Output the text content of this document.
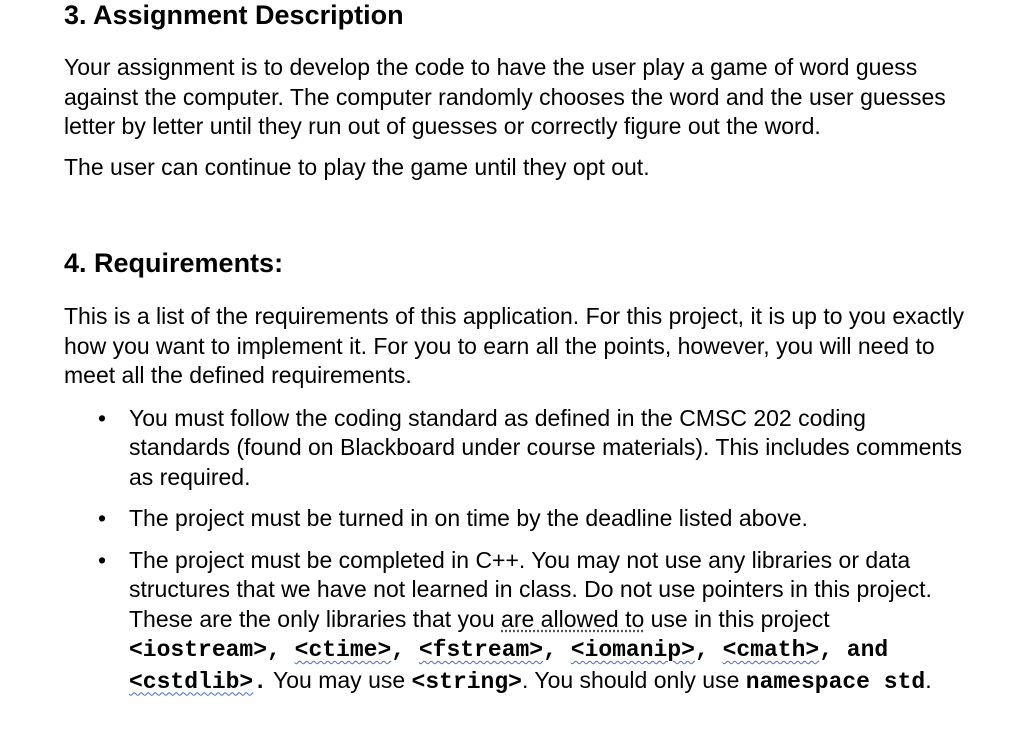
3. Assignment Description

Your assignment is to develop the code to have the user play a game of word guess against the computer. The computer randomly chooses the word and the user guesses letter by letter until they run out of guesses or correctly figure out the word.

The user can continue to play the game until they opt out.

4. Requirements:

This is a list of the requirements of this application. For this project, it is up to you exactly how you want to implement it. For you to earn all the points, however, you will need to meet all the defined requirements.

• You must follow the coding standard as defined in the CMSC 202 coding standards (found on Blackboard under course materials). This includes comments as required.
• The project must be turned in on time by the deadline listed above.
• The project must be completed in C++. You may not use any libraries or data structures that we have not learned in class. Do not use pointers in this project. These are the only libraries that you are allowed to use in this project <iostream>, <ctime>, <fstream>, <iomanip>, <cmath>, and <cstdlib>. You may use <string>. You should only use namespace std.
